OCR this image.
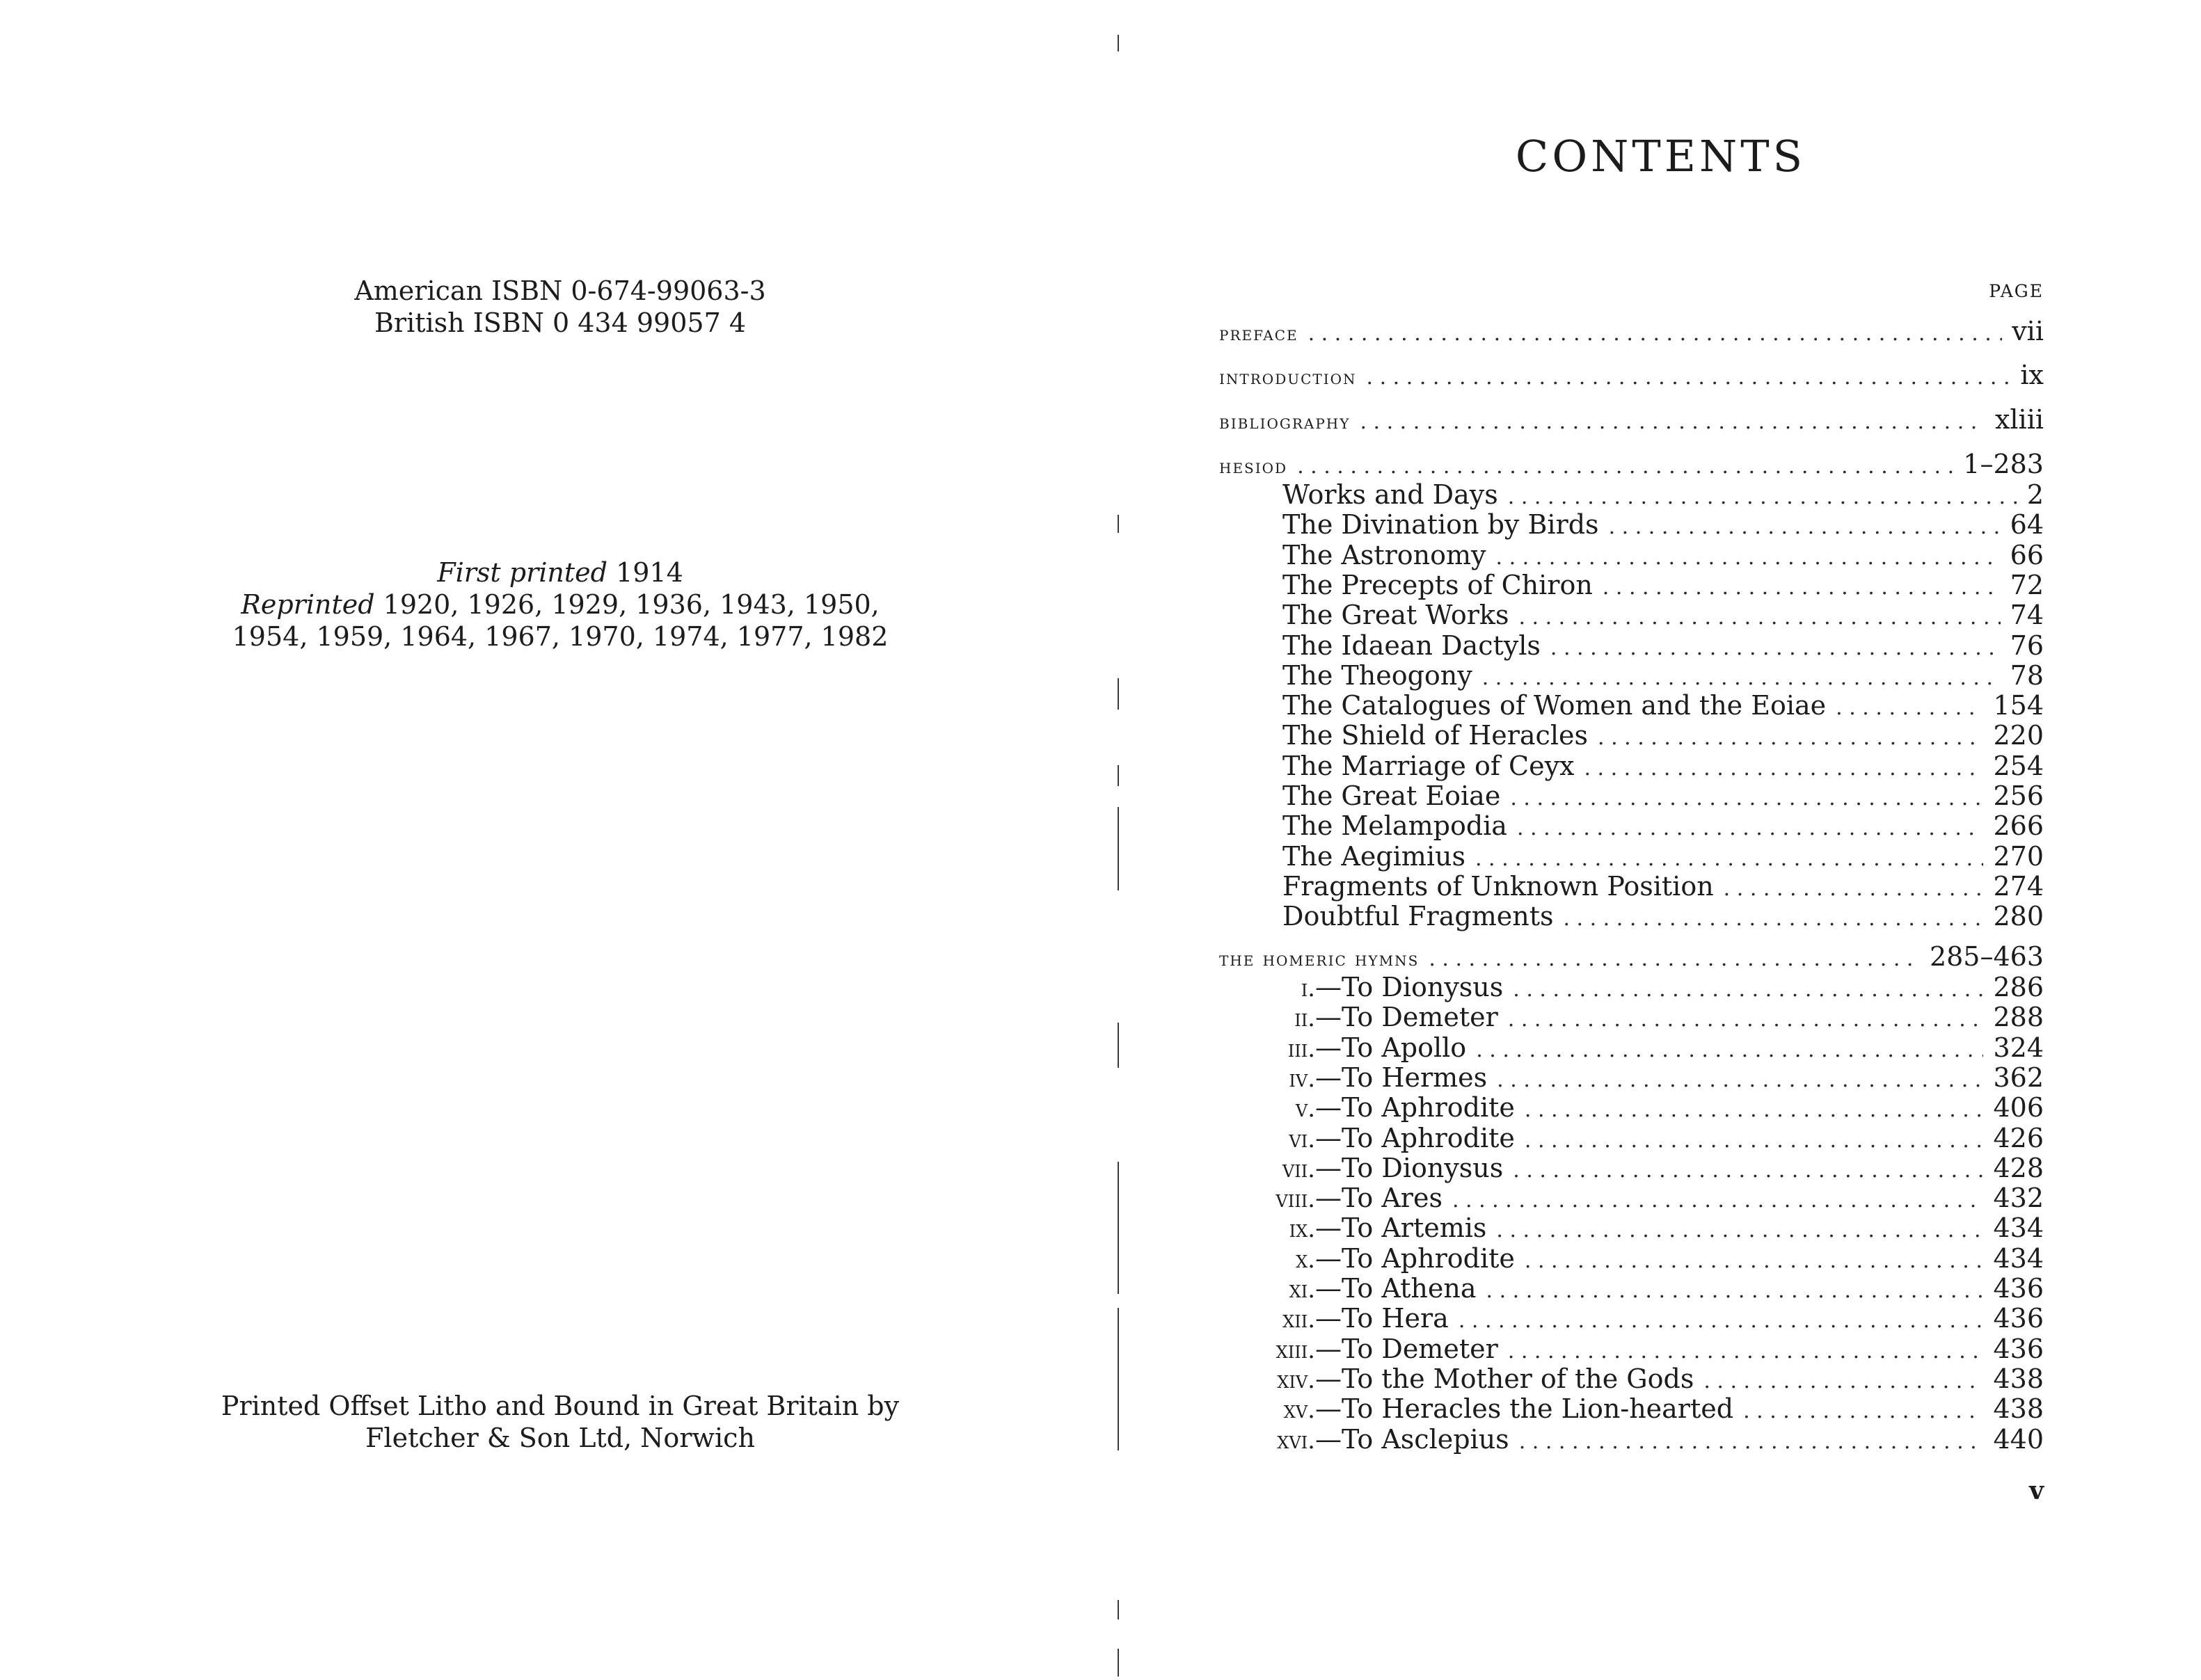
American ISBN 0-674-99063-3
British ISBN 0 434 99057 4
First printed 1914
Reprinted 1920, 1926, 1929, 1936, 1943, 1950,
1954, 1959, 1964, 1967, 1970, 1974, 1977, 1982
Printed Offset Litho and Bound in Great Britain by
Fletcher & Son Ltd, Norwich
CONTENTS
PAGE
preface . . .	vii
introduction . . .	ix
bibliography . . .	xliii
hesiod . . .	1–283
Works and Days . . .	2
The Divination by Birds . . .	64
The Astronomy . . .	66
The Precepts of Chiron . . .	72
The Great Works . . .	74
The Idaean Dactyls . . .	76
The Theogony . . .	78
The Catalogues of Women and the Eoiae . . .	154
The Shield of Heracles . . .	220
The Marriage of Ceyx . . .	254
The Great Eoiae . . .	256
The Melampodia . . .	266
The Aegimius . . .	270
Fragments of Unknown Position . . .	274
Doubtful Fragments . . .	280
the homeric hymns . . .	285–463
i. —To Dionysus . . .	286
ii. —To Demeter . . .	288
iii. —To Apollo . . .	324
iv. —To Hermes . . .	362
v. —To Aphrodite . . .	406
vi. —To Aphrodite . . .	426
vii. —To Dionysus . . .	428
viii. —To Ares . . .	432
ix. —To Artemis . . .	434
x. —To Aphrodite . . .	434
xi. —To Athena . . .	436
xii. —To Hera . . .	436
xiii. —To Demeter . . .	436
xiv. —To the Mother of the Gods . . .	438
xv. —To Heracles the Lion-hearted . . .	438
xvi. —To Asclepius . . .	440
v
